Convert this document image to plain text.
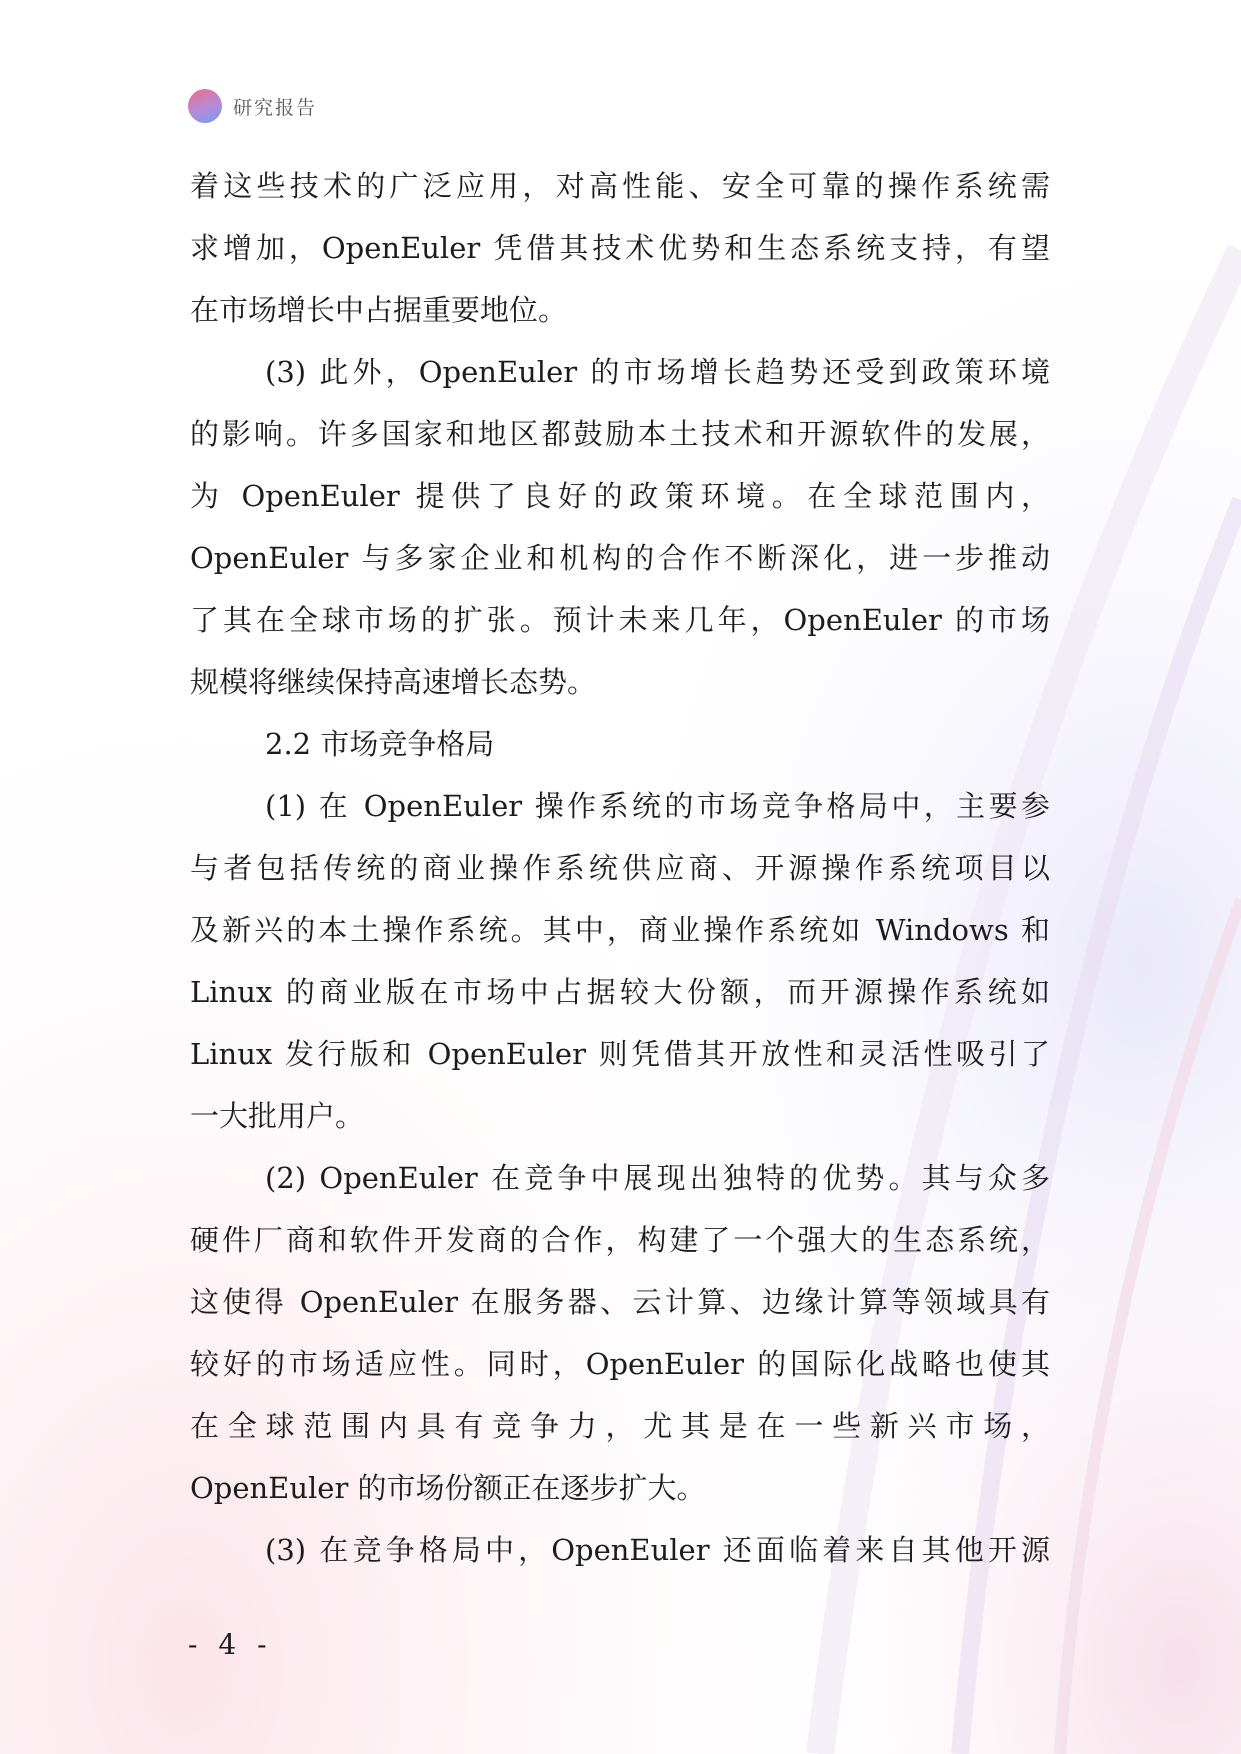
研究报告
着这些技术的广泛应用，对高性能、安全可靠的操作系统需
求增加，OpenEuler 凭借其技术优势和生态系统支持，有望
在市场增长中占据重要地位。
(3) 此外，OpenEuler 的市场增长趋势还受到政策环境
的影响。许多国家和地区都鼓励本土技术和开源软件的发展，
为 OpenEuler 提供了良好的政策环境。在全球范围内，
OpenEuler 与多家企业和机构的合作不断深化，进一步推动
了其在全球市场的扩张。预计未来几年，OpenEuler 的市场
规模将继续保持高速增长态势。
2.2 市场竞争格局
(1) 在 OpenEuler 操作系统的市场竞争格局中，主要参
与者包括传统的商业操作系统供应商、开源操作系统项目以
及新兴的本土操作系统。其中，商业操作系统如 Windows 和
Linux 的商业版在市场中占据较大份额，而开源操作系统如
Linux 发行版和 OpenEuler 则凭借其开放性和灵活性吸引了
一大批用户。
(2) OpenEuler 在竞争中展现出独特的优势。其与众多
硬件厂商和软件开发商的合作，构建了一个强大的生态系统，
这使得 OpenEuler 在服务器、云计算、边缘计算等领域具有
较好的市场适应性。同时，OpenEuler 的国际化战略也使其
在全球范围内具有竞争力，尤其是在一些新兴市场，
OpenEuler 的市场份额正在逐步扩大。
(3) 在竞争格局中，OpenEuler 还面临着来自其他开源
- 4 -
